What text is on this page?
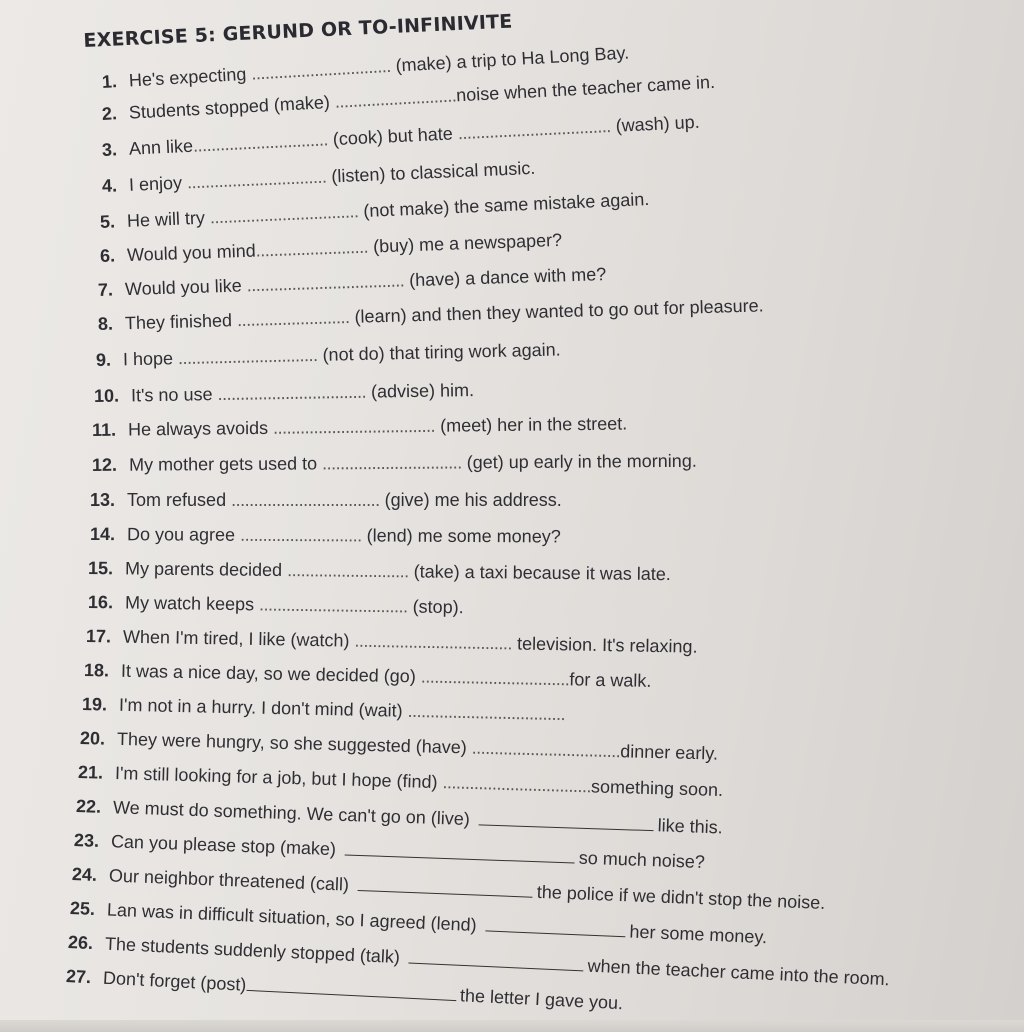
EXERCISE 5: GERUND OR TO-INFINIVITE
1. He's expecting ............................... (make) a trip to Ha Long Bay.
2. Students stopped (make) ...........................noise when the teacher came in.
3. Ann like.............................. (cook) but hate .................................. (wash) up.
4. I enjoy ............................... (listen) to classical music.
5. He will try ................................. (not make) the same mistake again.
6. Would you mind......................... (buy) me a newspaper?
7. Would you like ................................... (have) a dance with me?
8. They finished ......................... (learn) and then they wanted to go out for pleasure.
9. I hope ............................... (not do) that tiring work again.
10. It's no use ................................. (advise) him.
11. He always avoids .................................... (meet) her in the street.
12. My mother gets used to ............................... (get) up early in the morning.
13. Tom refused ................................. (give) me his address.
14. Do you agree ........................... (lend) me some money?
15. My parents decided ........................... (take) a taxi because it was late.
16. My watch keeps ................................. (stop).
17. When I'm tired, I like (watch) ................................... television. It's relaxing.
18. It was a nice day, so we decided (go) .................................for a walk.
19. I'm not in a hurry. I don't mind (wait) ...................................
20. They were hungry, so she suggested (have) .................................dinner early.
21. I'm still looking for a job, but I hope (find) .................................something soon.
22. We must do something. We can't go on (live)	like this.
23. Can you please stop (make) so much noise?
24. Our neighbor threatened (call) the police if we didn't stop the noise.
25. Lan was in difficult situation, so I agreed (lend)	her some money.
26. The students suddenly stopped (talk) when the teacher came into the room.
27. Don't forget (post)the letter I gave you.
